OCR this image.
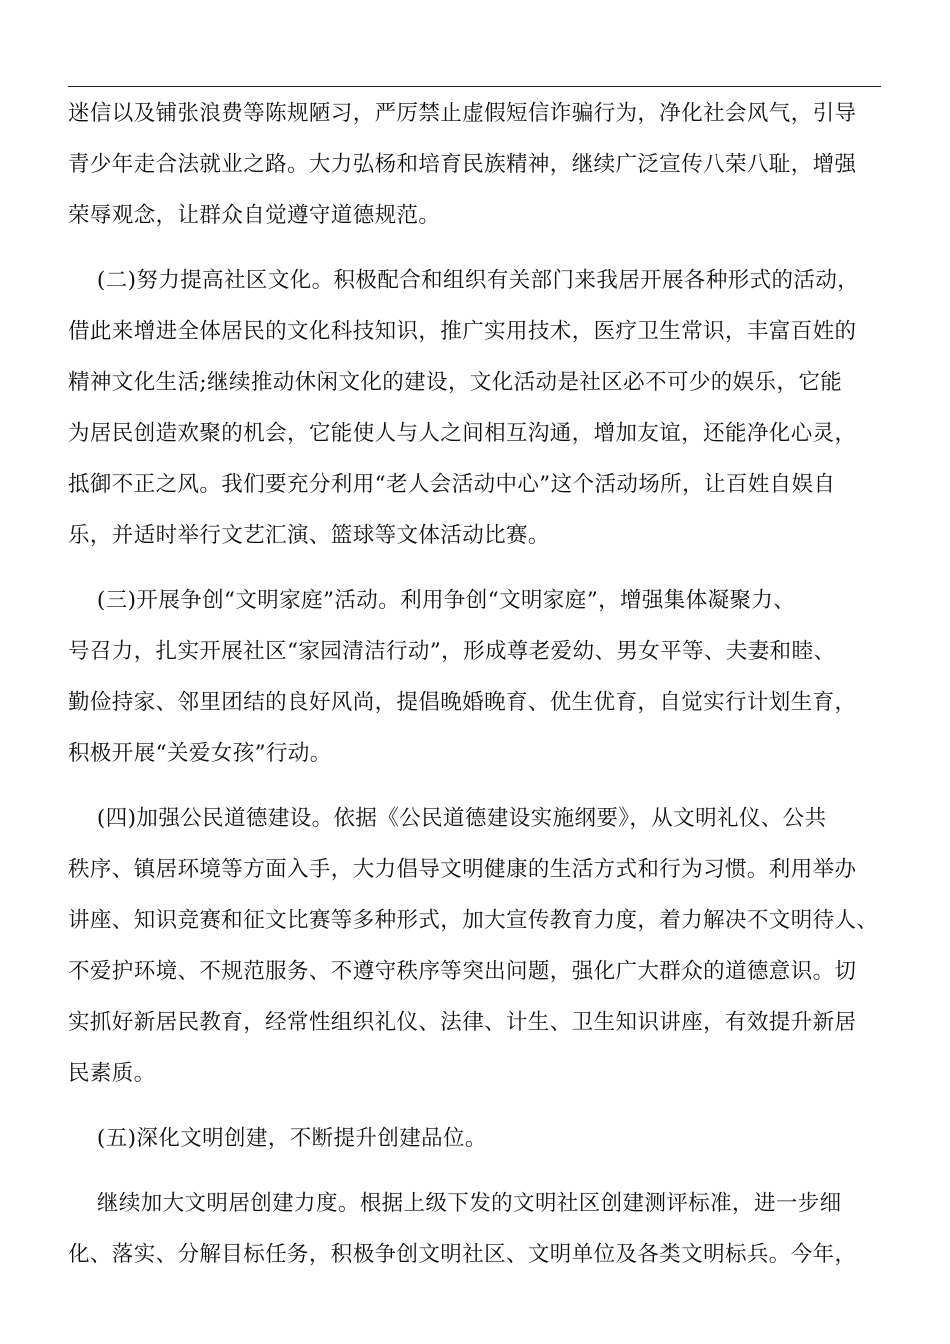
迷信以及铺张浪费等陈规陋习，严厉禁止虚假短信诈骗行为，净化社会风气，引导
青少年走合法就业之路。大力弘杨和培育民族精神，继续广泛宣传八荣八耻，增强
荣辱观念，让群众自觉遵守道德规范。
(二)努力提高社区文化。积极配合和组织有关部门来我居开展各种形式的活动，
借此来增进全体居民的文化科技知识，推广实用技术，医疗卫生常识，丰富百姓的
精神文化生活;继续推动休闲文化的建设，文化活动是社区必不可少的娱乐，它能
为居民创造欢聚的机会，它能使人与人之间相互沟通，增加友谊，还能净化心灵，
抵御不正之风。我们要充分利用“老人会活动中心”这个活动场所，让百姓自娱自
乐，并适时举行文艺汇演、篮球等文体活动比赛。
(三)开展争创“文明家庭”活动。利用争创“文明家庭”，增强集体凝聚力、
号召力，扎实开展社区“家园清洁行动”，形成尊老爱幼、男女平等、夫妻和睦、
勤俭持家、邻里团结的良好风尚，提倡晚婚晚育、优生优育，自觉实行计划生育，
积极开展“关爱女孩”行动。
(四)加强公民道德建设。依据《公民道德建设实施纲要》，从文明礼仪、公共
秩序、镇居环境等方面入手，大力倡导文明健康的生活方式和行为习惯。利用举办
讲座、知识竞赛和征文比赛等多种形式，加大宣传教育力度，着力解决不文明待人、
不爱护环境、不规范服务、不遵守秩序等突出问题，强化广大群众的道德意识。切
实抓好新居民教育，经常性组织礼仪、法律、计生、卫生知识讲座，有效提升新居
民素质。
(五)深化文明创建，不断提升创建品位。
继续加大文明居创建力度。根据上级下发的文明社区创建测评标准，进一步细
化、落实、分解目标任务，积极争创文明社区、文明单位及各类文明标兵。今年，
